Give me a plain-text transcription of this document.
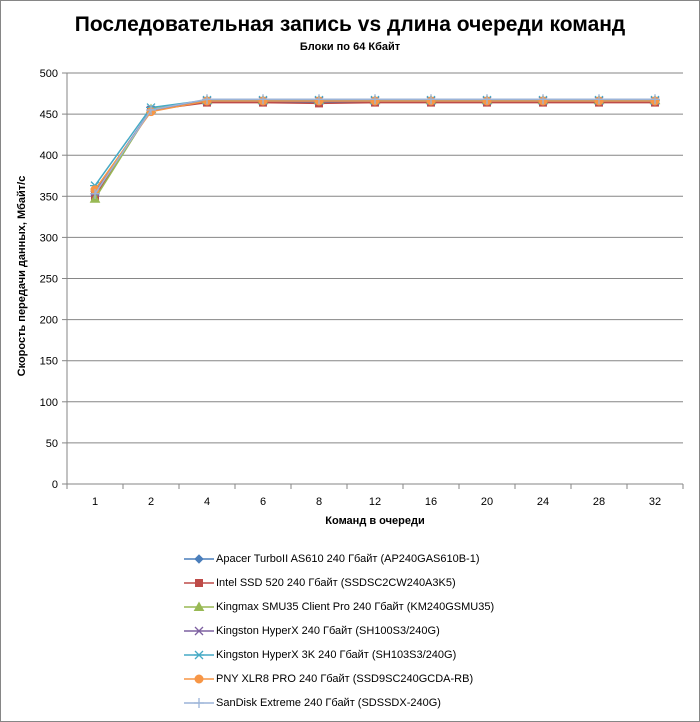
Последовательная запись vs длина очереди команд
Блоки по 64 Кбайт
0
50
100
150
200
250
300
350
400
450
500
1	2	4	6	8	12	16	20	24	28	32
Скорость передачи данных, Мбайт/с
Команд в очереди
Apacer TurboII AS610 240 Гбайт (AP240GAS610B-1)
Intel SSD 520 240 Гбайт (SSDSC2CW240A3K5)
Kingmax SMU35 Client Pro 240 Гбайт (KM240GSMU35)
Kingston HyperX 240 Гбайт (SH100S3/240G)
Kingston HyperX 3K 240 Гбайт (SH103S3/240G)
PNY XLR8 PRO 240 Гбайт (SSD9SC240GCDA-RB)
SanDisk Extreme 240 Гбайт (SDSSDX-240G)
